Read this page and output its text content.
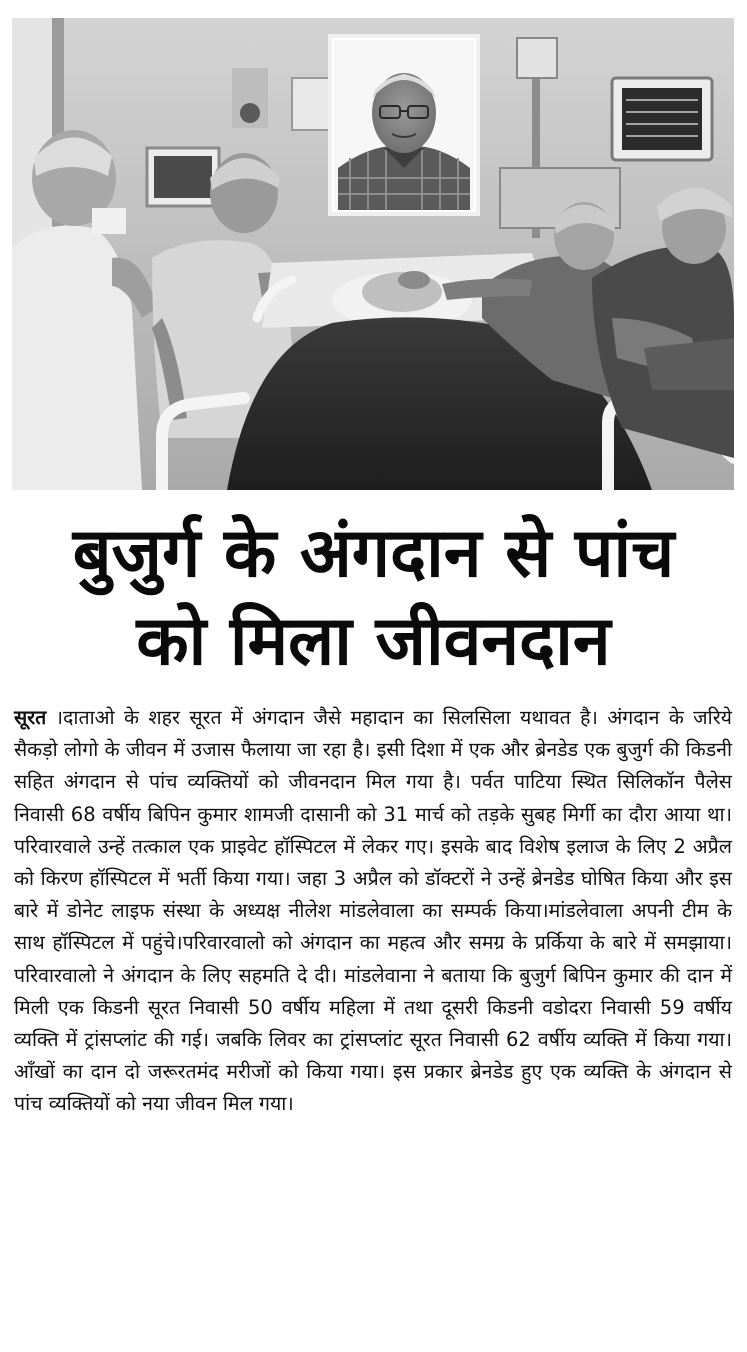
बुजुर्ग के अंगदान से पांच
को मिला जीवनदान
सूरत ।दाताओ के शहर सूरत में अंगदान जैसे महादान का सिलसिला यथावत है। अंगदान के जरिये सैकड़ो लोगो के जीवन में उजास फैलाया जा रहा है। इसी दिशा में एक और ब्रेनडेड एक बुजुर्ग की किडनी सहित अंगदान से पांच व्यक्तियों को जीवनदान मिल गया है। पर्वत पाटिया स्थित सिलिकॉन पैलेस निवासी 68 वर्षीय बिपिन कुमार शामजी दासानी को 31 मार्च को तड़के सुबह मिर्गी का दौरा आया था। परिवारवाले उन्हें तत्काल एक प्राइवेट हॉस्पिटल में लेकर गए। इसके बाद विशेष इलाज के लिए 2 अप्रैल को किरण हॉस्पिटल में भर्ती किया गया। जहा 3 अप्रैल को डॉक्टरों ने उन्हें ब्रेनडेड घोषित किया और इस बारे में डोनेट लाइफ संस्था के अध्यक्ष नीलेश मांडलेवाला का सम्पर्क किया।मांडलेवाला अपनी टीम के साथ हॉस्पिटल में पहुंचे।परिवारवालो को अंगदान का महत्व और समग्र के प्रर्किया के बारे में समझाया।परिवारवालो ने अंगदान के लिए सहमति दे दी। मांडलेवाना ने बताया कि बुजुर्ग बिपिन कुमार की दान में मिली एक किडनी सूरत निवासी 50 वर्षीय महिला में तथा दूसरी किडनी वडोदरा निवासी 59 वर्षीय व्यक्ति में ट्रांसप्लांट की गई। जबकि लिवर का ट्रांसप्लांट सूरत निवासी 62 वर्षीय व्यक्ति में किया गया। आँखों का दान दो जरूरतमंद मरीजों को किया गया। इस प्रकार ब्रेनडेड हुए एक व्यक्ति के अंगदान से पांच व्यक्तियों को नया जीवन मिल गया।
